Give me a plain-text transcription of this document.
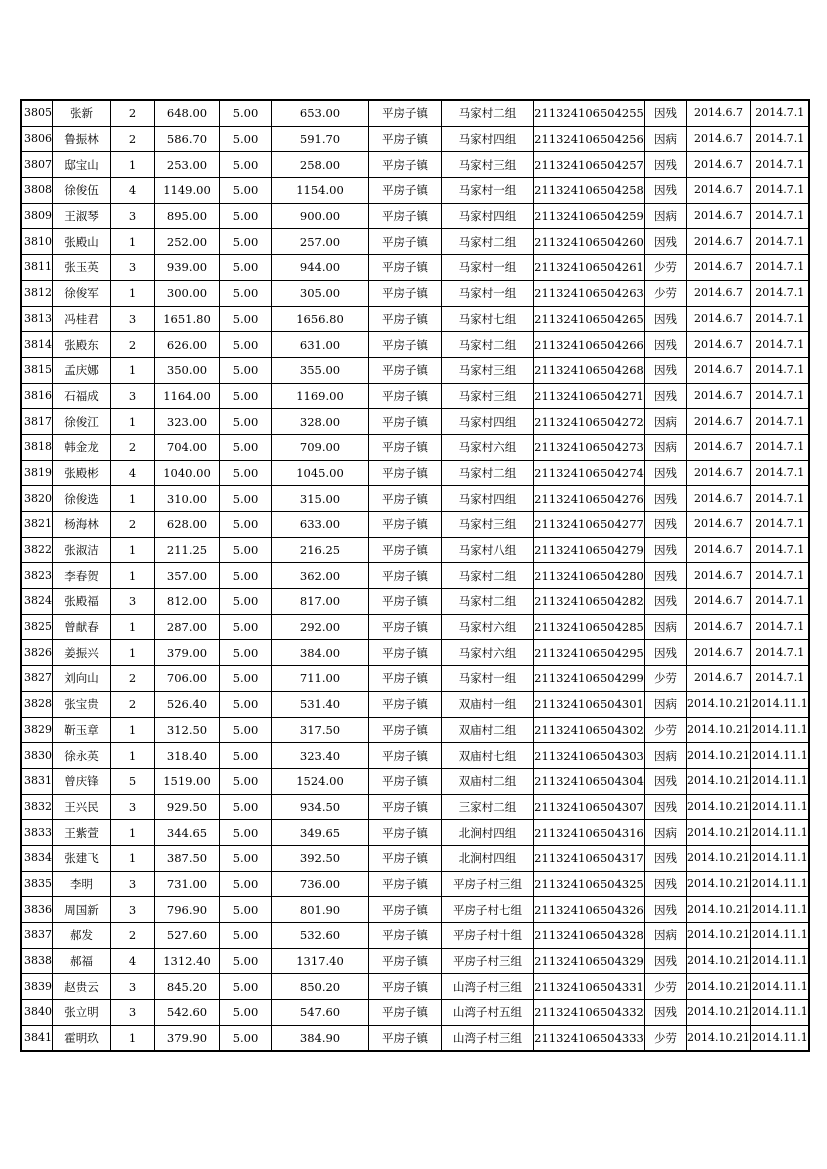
3805	张新	2	648.00	5.00	653.00	平房子镇	马家村二组	211324106504255	因残	2014.6.7	2014.7.1
3806	鲁振林	2	586.70	5.00	591.70	平房子镇	马家村四组	211324106504256	因病	2014.6.7	2014.7.1
3807	邸宝山	1	253.00	5.00	258.00	平房子镇	马家村三组	211324106504257	因残	2014.6.7	2014.7.1
3808	徐俊伍	4	1149.00	5.00	1154.00	平房子镇	马家村一组	211324106504258	因残	2014.6.7	2014.7.1
3809	王淑琴	3	895.00	5.00	900.00	平房子镇	马家村四组	211324106504259	因病	2014.6.7	2014.7.1
3810	张殿山	1	252.00	5.00	257.00	平房子镇	马家村二组	211324106504260	因残	2014.6.7	2014.7.1
3811	张玉英	3	939.00	5.00	944.00	平房子镇	马家村一组	211324106504261	少劳	2014.6.7	2014.7.1
3812	徐俊军	1	300.00	5.00	305.00	平房子镇	马家村一组	211324106504263	少劳	2014.6.7	2014.7.1
3813	冯桂君	3	1651.80	5.00	1656.80	平房子镇	马家村七组	211324106504265	因残	2014.6.7	2014.7.1
3814	张殿东	2	626.00	5.00	631.00	平房子镇	马家村二组	211324106504266	因残	2014.6.7	2014.7.1
3815	孟庆娜	1	350.00	5.00	355.00	平房子镇	马家村三组	211324106504268	因残	2014.6.7	2014.7.1
3816	石福成	3	1164.00	5.00	1169.00	平房子镇	马家村三组	211324106504271	因残	2014.6.7	2014.7.1
3817	徐俊江	1	323.00	5.00	328.00	平房子镇	马家村四组	211324106504272	因病	2014.6.7	2014.7.1
3818	韩金龙	2	704.00	5.00	709.00	平房子镇	马家村六组	211324106504273	因病	2014.6.7	2014.7.1
3819	张殿彬	4	1040.00	5.00	1045.00	平房子镇	马家村二组	211324106504274	因残	2014.6.7	2014.7.1
3820	徐俊选	1	310.00	5.00	315.00	平房子镇	马家村四组	211324106504276	因残	2014.6.7	2014.7.1
3821	杨海林	2	628.00	5.00	633.00	平房子镇	马家村三组	211324106504277	因残	2014.6.7	2014.7.1
3822	张淑洁	1	211.25	5.00	216.25	平房子镇	马家村八组	211324106504279	因残	2014.6.7	2014.7.1
3823	李春贺	1	357.00	5.00	362.00	平房子镇	马家村二组	211324106504280	因残	2014.6.7	2014.7.1
3824	张殿福	3	812.00	5.00	817.00	平房子镇	马家村二组	211324106504282	因残	2014.6.7	2014.7.1
3825	曾献春	1	287.00	5.00	292.00	平房子镇	马家村六组	211324106504285	因病	2014.6.7	2014.7.1
3826	姜振兴	1	379.00	5.00	384.00	平房子镇	马家村六组	211324106504295	因残	2014.6.7	2014.7.1
3827	刘向山	2	706.00	5.00	711.00	平房子镇	马家村一组	211324106504299	少劳	2014.6.7	2014.7.1
3828	张宝贵	2	526.40	5.00	531.40	平房子镇	双庙村一组	211324106504301	因病	2014.10.21	2014.11.1
3829	靳玉章	1	312.50	5.00	317.50	平房子镇	双庙村二组	211324106504302	少劳	2014.10.21	2014.11.1
3830	徐永英	1	318.40	5.00	323.40	平房子镇	双庙村七组	211324106504303	因病	2014.10.21	2014.11.1
3831	曾庆锋	5	1519.00	5.00	1524.00	平房子镇	双庙村二组	211324106504304	因残	2014.10.21	2014.11.1
3832	王兴民	3	929.50	5.00	934.50	平房子镇	三家村二组	211324106504307	因残	2014.10.21	2014.11.1
3833	王紫萱	1	344.65	5.00	349.65	平房子镇	北涧村四组	211324106504316	因病	2014.10.21	2014.11.1
3834	张建飞	1	387.50	5.00	392.50	平房子镇	北涧村四组	211324106504317	因残	2014.10.21	2014.11.1
3835	李明	3	731.00	5.00	736.00	平房子镇	平房子村三组	211324106504325	因残	2014.10.21	2014.11.1
3836	周国新	3	796.90	5.00	801.90	平房子镇	平房子村七组	211324106504326	因残	2014.10.21	2014.11.1
3837	郝发	2	527.60	5.00	532.60	平房子镇	平房子村十组	211324106504328	因病	2014.10.21	2014.11.1
3838	郝福	4	1312.40	5.00	1317.40	平房子镇	平房子村三组	211324106504329	因残	2014.10.21	2014.11.1
3839	赵贵云	3	845.20	5.00	850.20	平房子镇	山湾子村三组	211324106504331	少劳	2014.10.21	2014.11.1
3840	张立明	3	542.60	5.00	547.60	平房子镇	山湾子村五组	211324106504332	因残	2014.10.21	2014.11.1
3841	霍明玖	1	379.90	5.00	384.90	平房子镇	山湾子村三组	211324106504333	少劳	2014.10.21	2014.11.1
